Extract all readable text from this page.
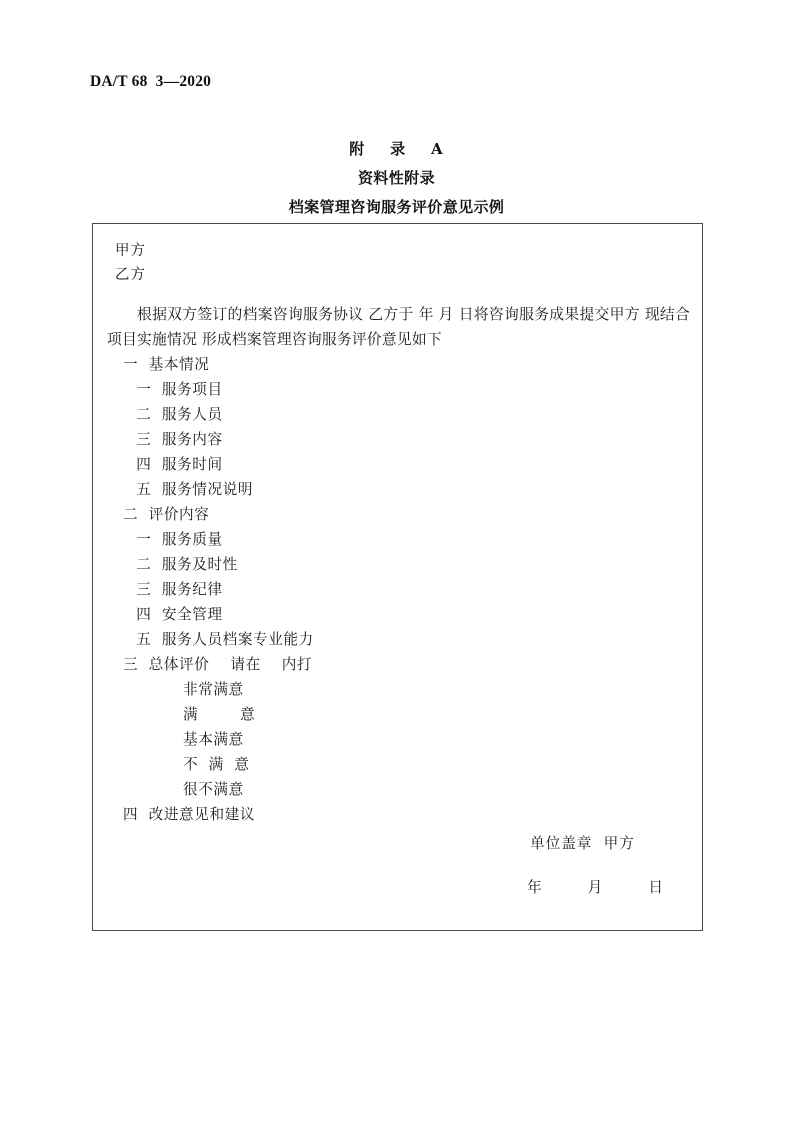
DA/T 68  3—2020
附    录    A
资料性附录
档案管理咨询服务评价意见示例
甲方
乙方
根据双方签订的档案咨询服务协议 乙方于 年 月 日将咨询服务成果提交甲方 现结合项目实施情况 形成档案管理咨询服务评价意见如下
一  基本情况
一  服务项目
二  服务人员
三  服务内容
四  服务时间
五  服务情况说明
二  评价内容
一  服务质量
二  服务及时性
三  服务纪律
四  安全管理
五  服务人员档案专业能力
三  总体评价    请在    内打
非常满意
满        意
基本满意
不  满  意
很不满意
四  改进意见和建议
单位盖章  甲方
年        月        日
